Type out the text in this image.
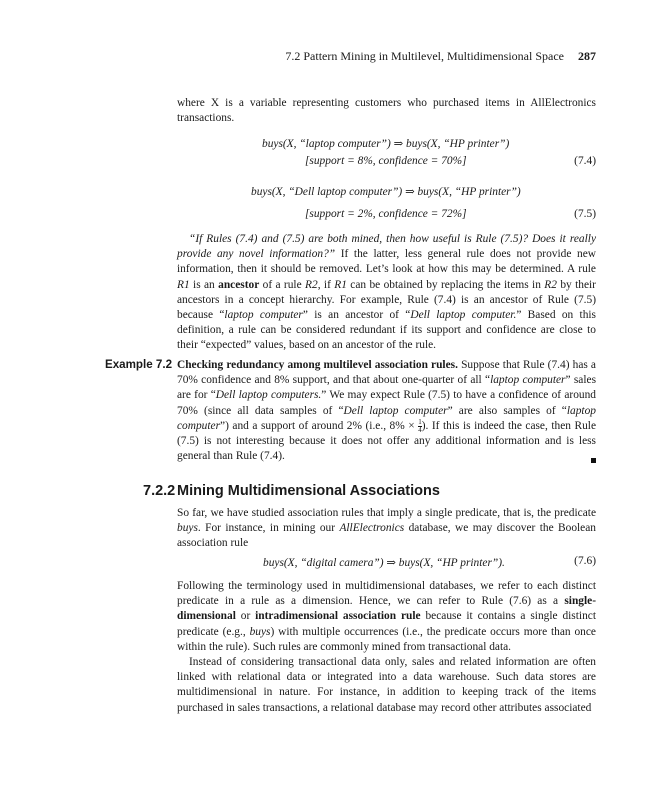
7.2 Pattern Mining in Multilevel, Multidimensional Space 287

where X is a variable representing customers who purchased items in AllElectronics transactions.

buys(X, “laptop computer”) ⇒ buys(X, “HP printer”)
[support = 8%, confidence = 70%]	(7.4)
buys(X, “Dell laptop computer”) ⇒ buys(X, “HP printer”)
[support = 2%, confidence = 72%]	(7.5)

“If Rules (7.4) and (7.5) are both mined, then how useful is Rule (7.5)? Does it really provide any novel information?” If the latter, less general rule does not provide new information, then it should be removed. Let’s look at how this may be determined. A rule R1 is an ancestor of a rule R2, if R1 can be obtained by replacing the items in R2 by their ancestors in a concept hierarchy. For example, Rule (7.4) is an ancestor of Rule (7.5) because “laptop computer” is an ancestor of “Dell laptop computer.” Based on this definition, a rule can be considered redundant if its support and confidence are close to their “expected” values, based on an ancestor of the rule.

Example 7.2 Checking redundancy among multilevel association rules. Suppose that Rule (7.4) has a 70% confidence and 8% support, and that about one-quarter of all “laptop computer” sales are for “Dell laptop computers.” We may expect Rule (7.5) to have a confidence of around 70% (since all data samples of “Dell laptop computer” are also samples of “laptop computer”) and a support of around 2% (i.e., $8\% \times \frac{1}{4}$ ). If this is indeed the case, then Rule (7.5) is not interesting because it does not offer any additional information and is less general than Rule (7.4).

7.2.2 Mining Multidimensional Associations

So far, we have studied association rules that imply a single predicate, that is, the predicate buys. For instance, in mining our AllElectronics database, we may discover the Boolean association rule

buys(X, “digital camera”) ⇒ buys(X, “HP printer”).	(7.6)

Following the terminology used in multidimensional databases, we refer to each distinct predicate in a rule as a dimension. Hence, we can refer to Rule (7.6) as a single-dimensional or intradimensional association rule because it contains a single distinct predicate (e.g., buys) with multiple occurrences (i.e., the predicate occurs more than once within the rule). Such rules are commonly mined from transactional data.

Instead of considering transactional data only, sales and related information are often linked with relational data or integrated into a data warehouse. Such data stores are multidimensional in nature. For instance, in addition to keeping track of the items purchased in sales transactions, a relational database may record other attributes associated
